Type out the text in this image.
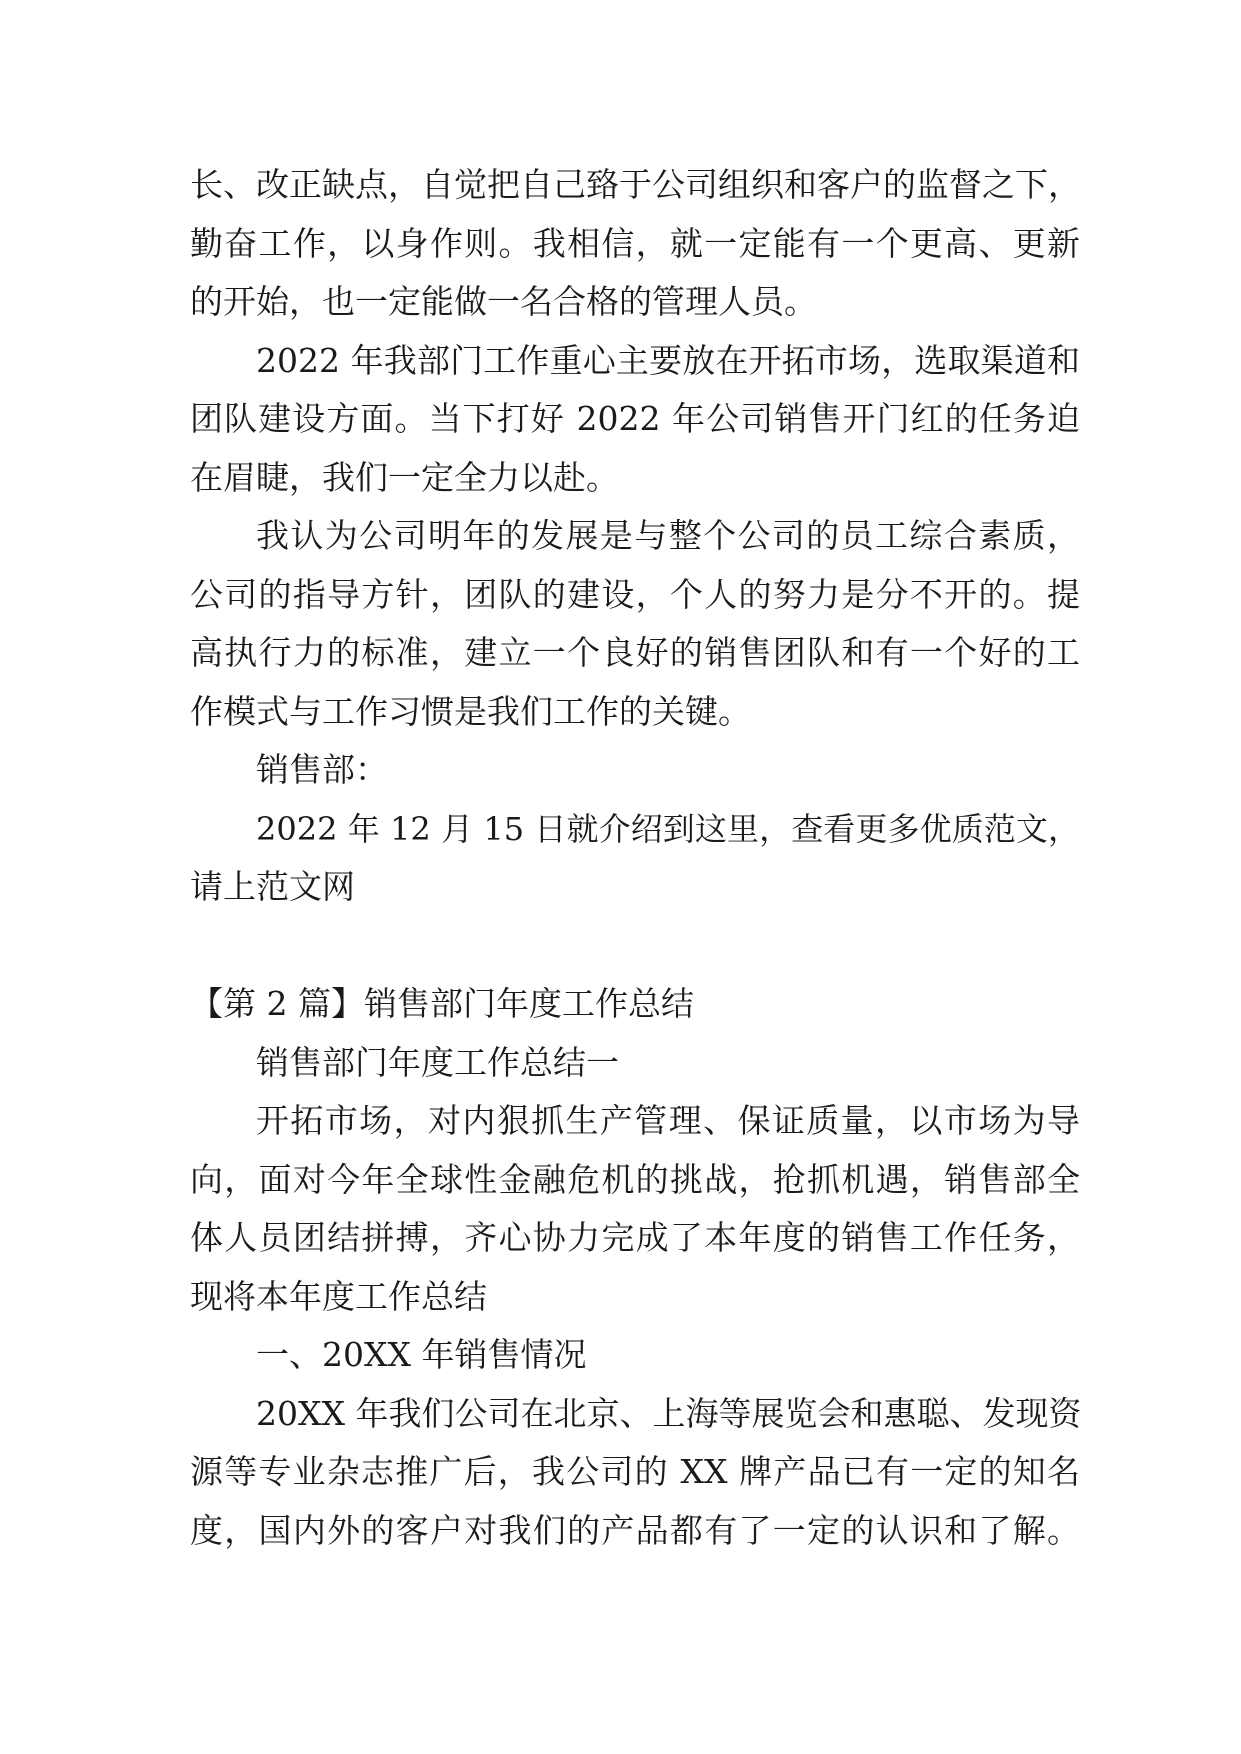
长、改正缺点，自觉把自己臵于公司组织和客户的监督之下，
勤奋工作，以身作则。我相信，就一定能有一个更高、更新
的开始，也一定能做一名合格的管理人员。
2022 年我部门工作重心主要放在开拓市场，选取渠道和
团队建设方面。当下打好 2022 年公司销售开门红的任务迫
在眉睫，我们一定全力以赴。
我认为公司明年的发展是与整个公司的员工综合素质，
公司的指导方针，团队的建设，个人的努力是分不开的。提
高执行力的标准，建立一个良好的销售团队和有一个好的工
作模式与工作习惯是我们工作的关键。
销售部：
2022 年 12 月 15 日就介绍到这里，查看更多优质范文，
请上范文网
【第 2 篇】销售部门年度工作总结
销售部门年度工作总结一
开拓市场，对内狠抓生产管理、保证质量，以市场为导
向，面对今年全球性金融危机的挑战，抢抓机遇，销售部全
体人员团结拼搏，齐心协力完成了本年度的销售工作任务，
现将本年度工作总结
一、20XX 年销售情况
20XX 年我们公司在北京、上海等展览会和惠聪、发现资
源等专业杂志推广后，我公司的 XX 牌产品已有一定的知名
度，国内外的客户对我们的产品都有了一定的认识和了解。
